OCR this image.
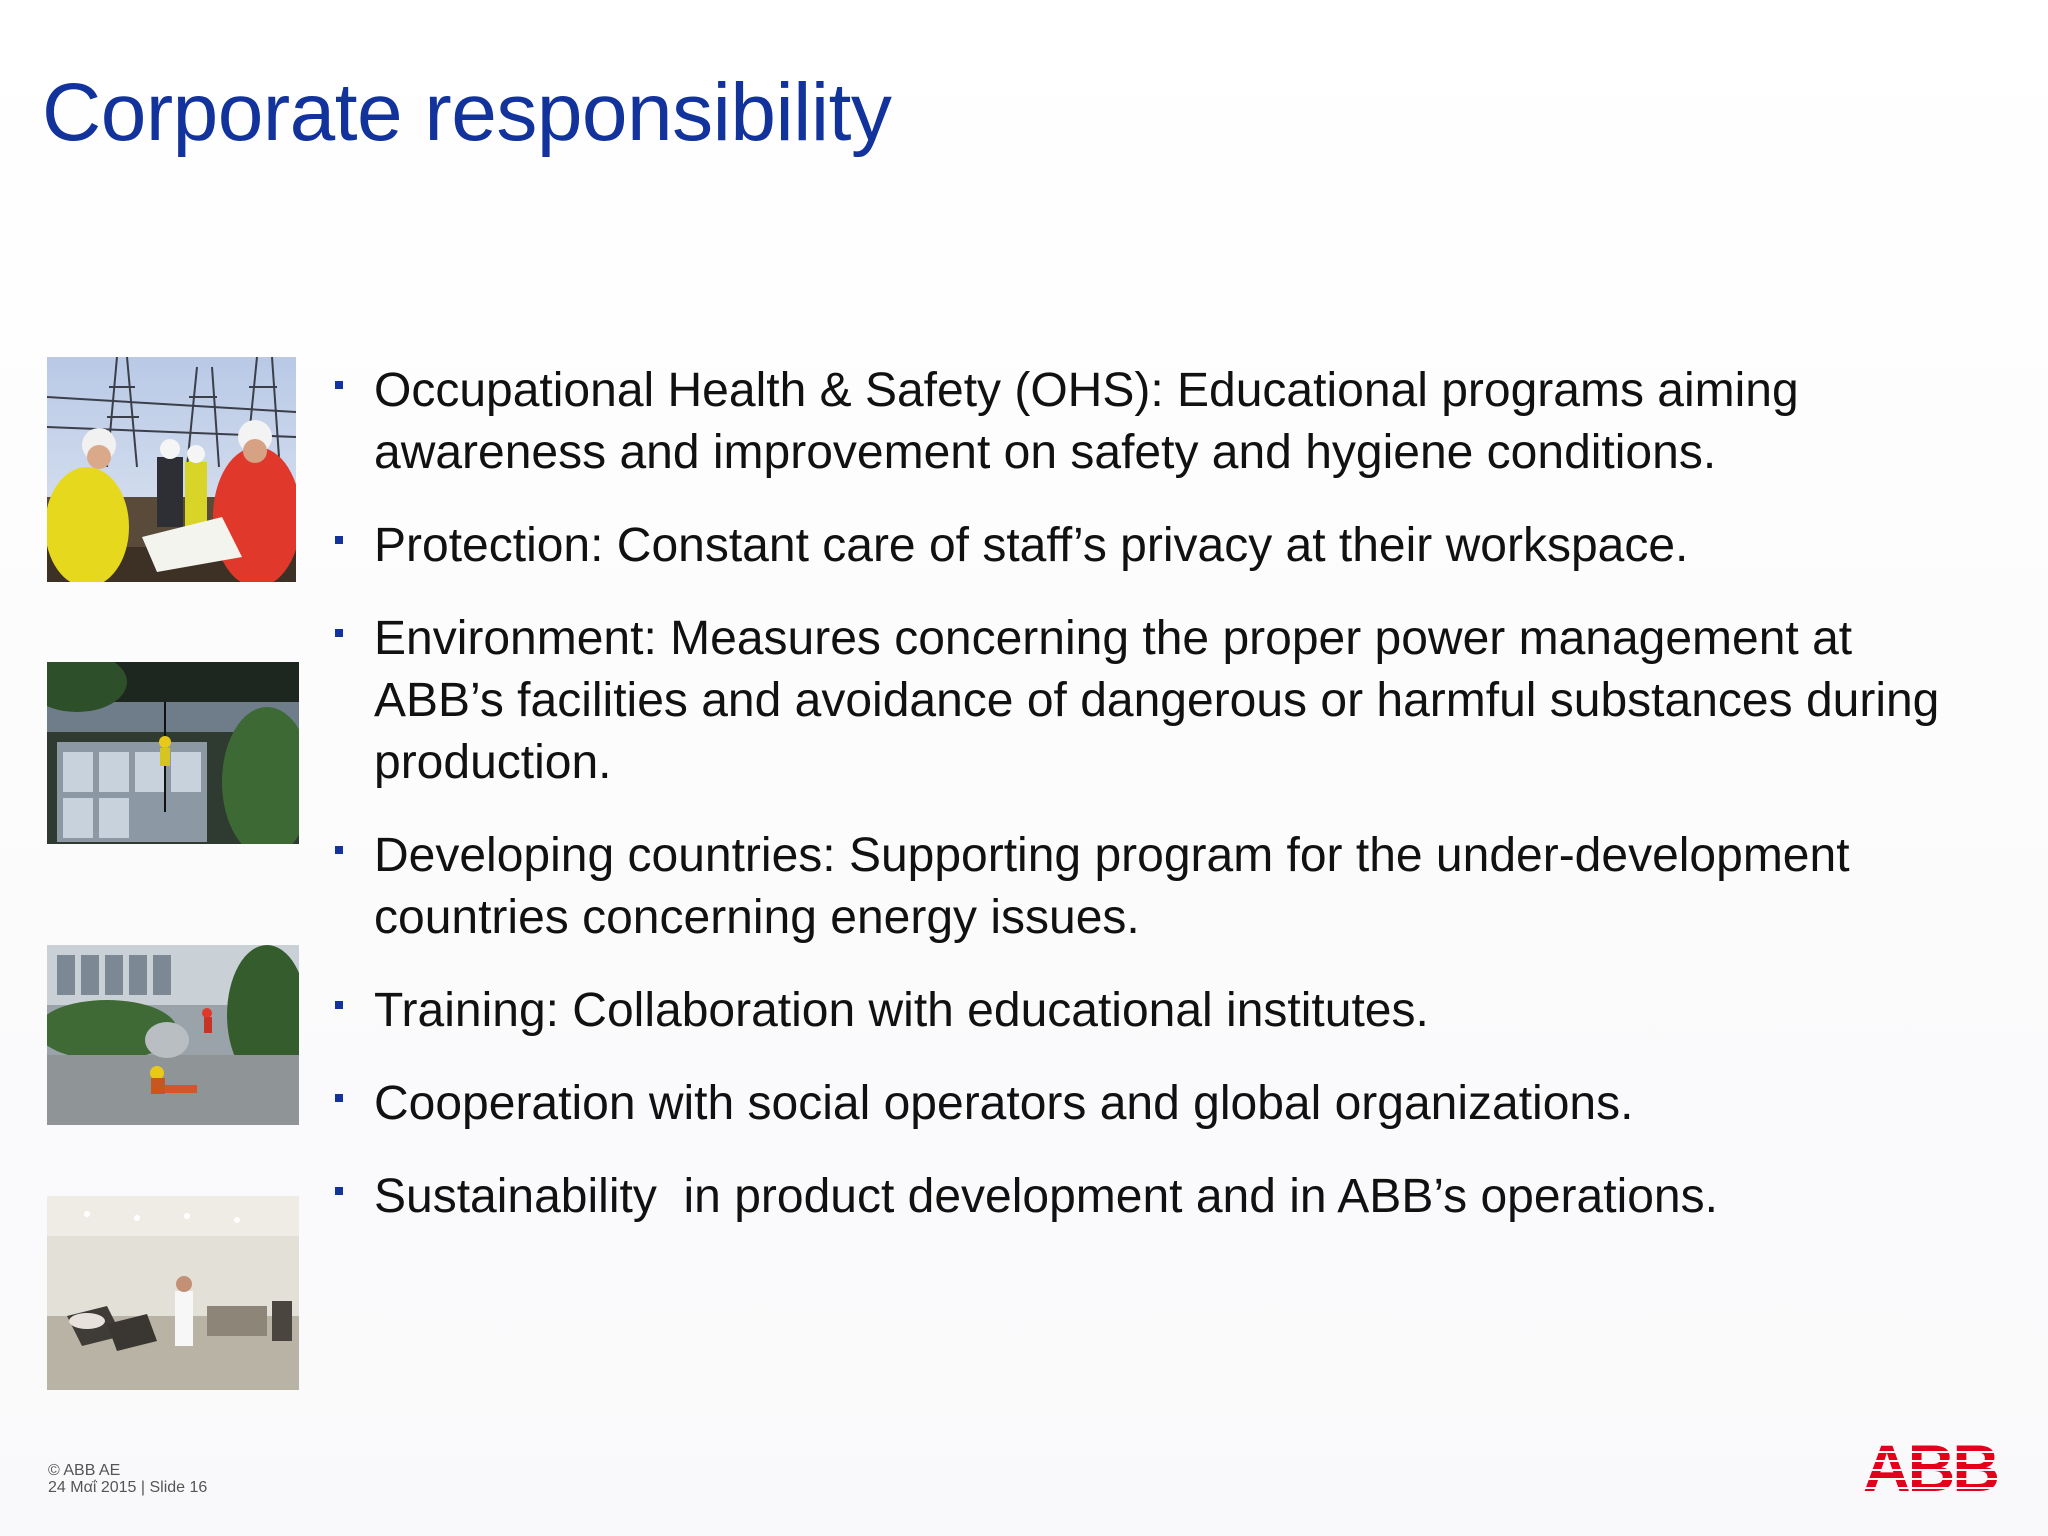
Corporate responsibility
Occupational Health & Safety (OHS): Educational programs aiming awareness and improvement on safety and hygiene conditions.
Protection: Constant care of staff’s privacy at their workspace.
Environment: Measures concerning the proper power management at ABB’s facilities and avoidance of dangerous or harmful substances during production.
Developing countries: Supporting program for the under-development countries concerning energy issues.
Training: Collaboration with educational institutes.
Cooperation with social operators and global organizations.
Sustainability  in product development and in ABB’s operations.
© ABB AE
24 Μαΐ 2015 | Slide 16	ABB
